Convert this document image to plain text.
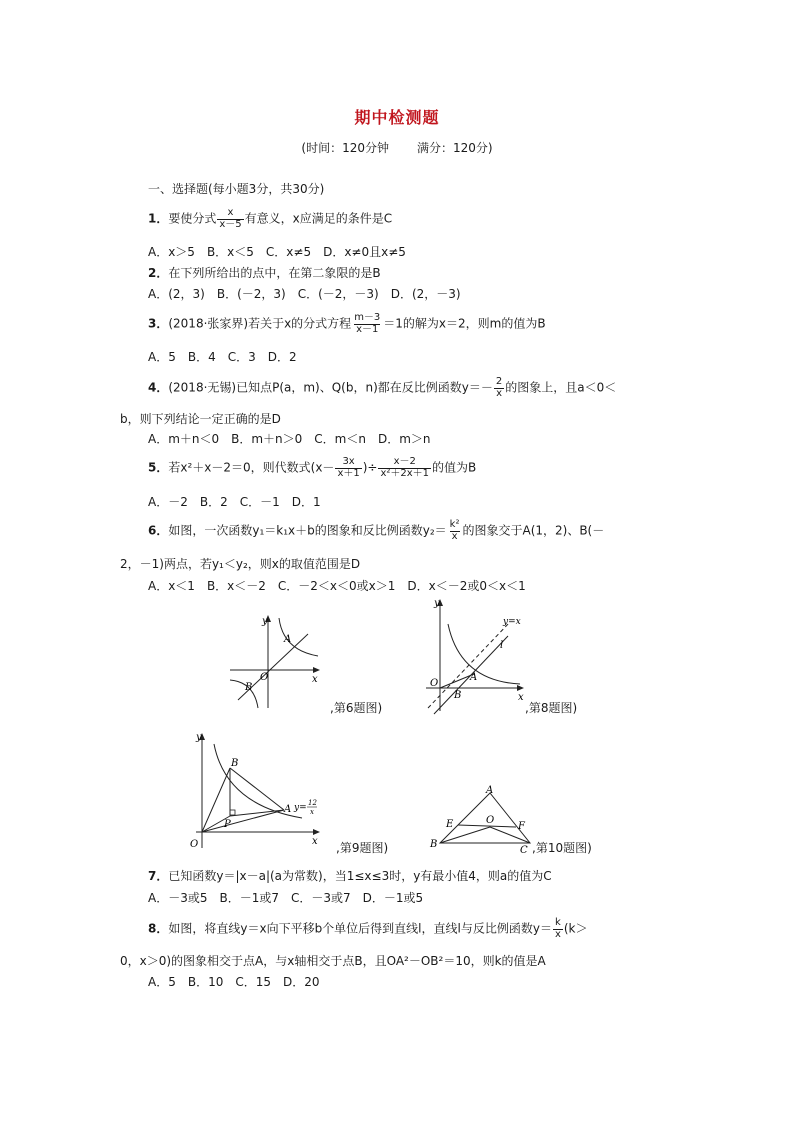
期中检测题
(时间：120分钟 满分：120分)
一、选择题(每小题3分，共30分)
1．要使分式 $\frac{x}{x-5}$ 有意义，x应满足的条件是C
A．x＞5　B．x＜5　C．x≠5　D．x≠0且x≠5
2．在下列所给出的点中，在第二象限的是B
A．(2，3)　B．(－2，3)　C．(－2，－3)　D．(2，－3)
3．(2018·张家界)若关于x的分式方程 $\frac{m-3}{x-1} =1$的解为x＝2，则m的值为B
A．5　B．4　C．3　D．2
4．(2018·无锡)已知点P(a，m)、Q(b，n)都在反比例函数$y=- \frac{2}{x}$ 的图象上，且a＜0＜
b，则下列结论一定正确的是D
A．m＋n＜0　B．m＋n＞0　C．m＜n　D．m＞n
5．若x²＋x－2＝0，则代数式($x- \frac{3x}{x+1}$ )÷ $\frac{x-2}{\text{x²＋2x＋1}}$ 的值为B
A．－2　B．2　C．－1　D．1
6．如图，一次函数y₁＝k₁x＋b的图象和反比例函数$y_2= \frac{\text{k²}}{x}$ 的图象交于A(1，2)、B(－
2，－1)两点，若y₁＜y₂，则x的取值范围是D
A．x＜1　B．x＜－2　C．－2＜x＜0或x＞1　D．x＜－2或0＜x＜1
y
x
O
A
B
,第6题图)
y
x
O
A
B
y=x
l
,第8题图)
y
x
O
B
A
P
y= 12
x
,第9题图)
A
B
C
E	F
O
,第10题图)
7．已知函数y＝|x－a|(a为常数)，当1≤x≤3时，y有最小值4，则a的值为C
A．－3或5　B．－1或7　C．－3或7　D．－1或5
8．如图，将直线y＝x向下平移b个单位后得到直线l，直线l与反比例函数$y= \frac{k}{x} (k>$
0，x＞0)的图象相交于点A，与x轴相交于点B，且OA²－OB²＝10，则k的值是A
A．5　B．10　C．15　D．20
